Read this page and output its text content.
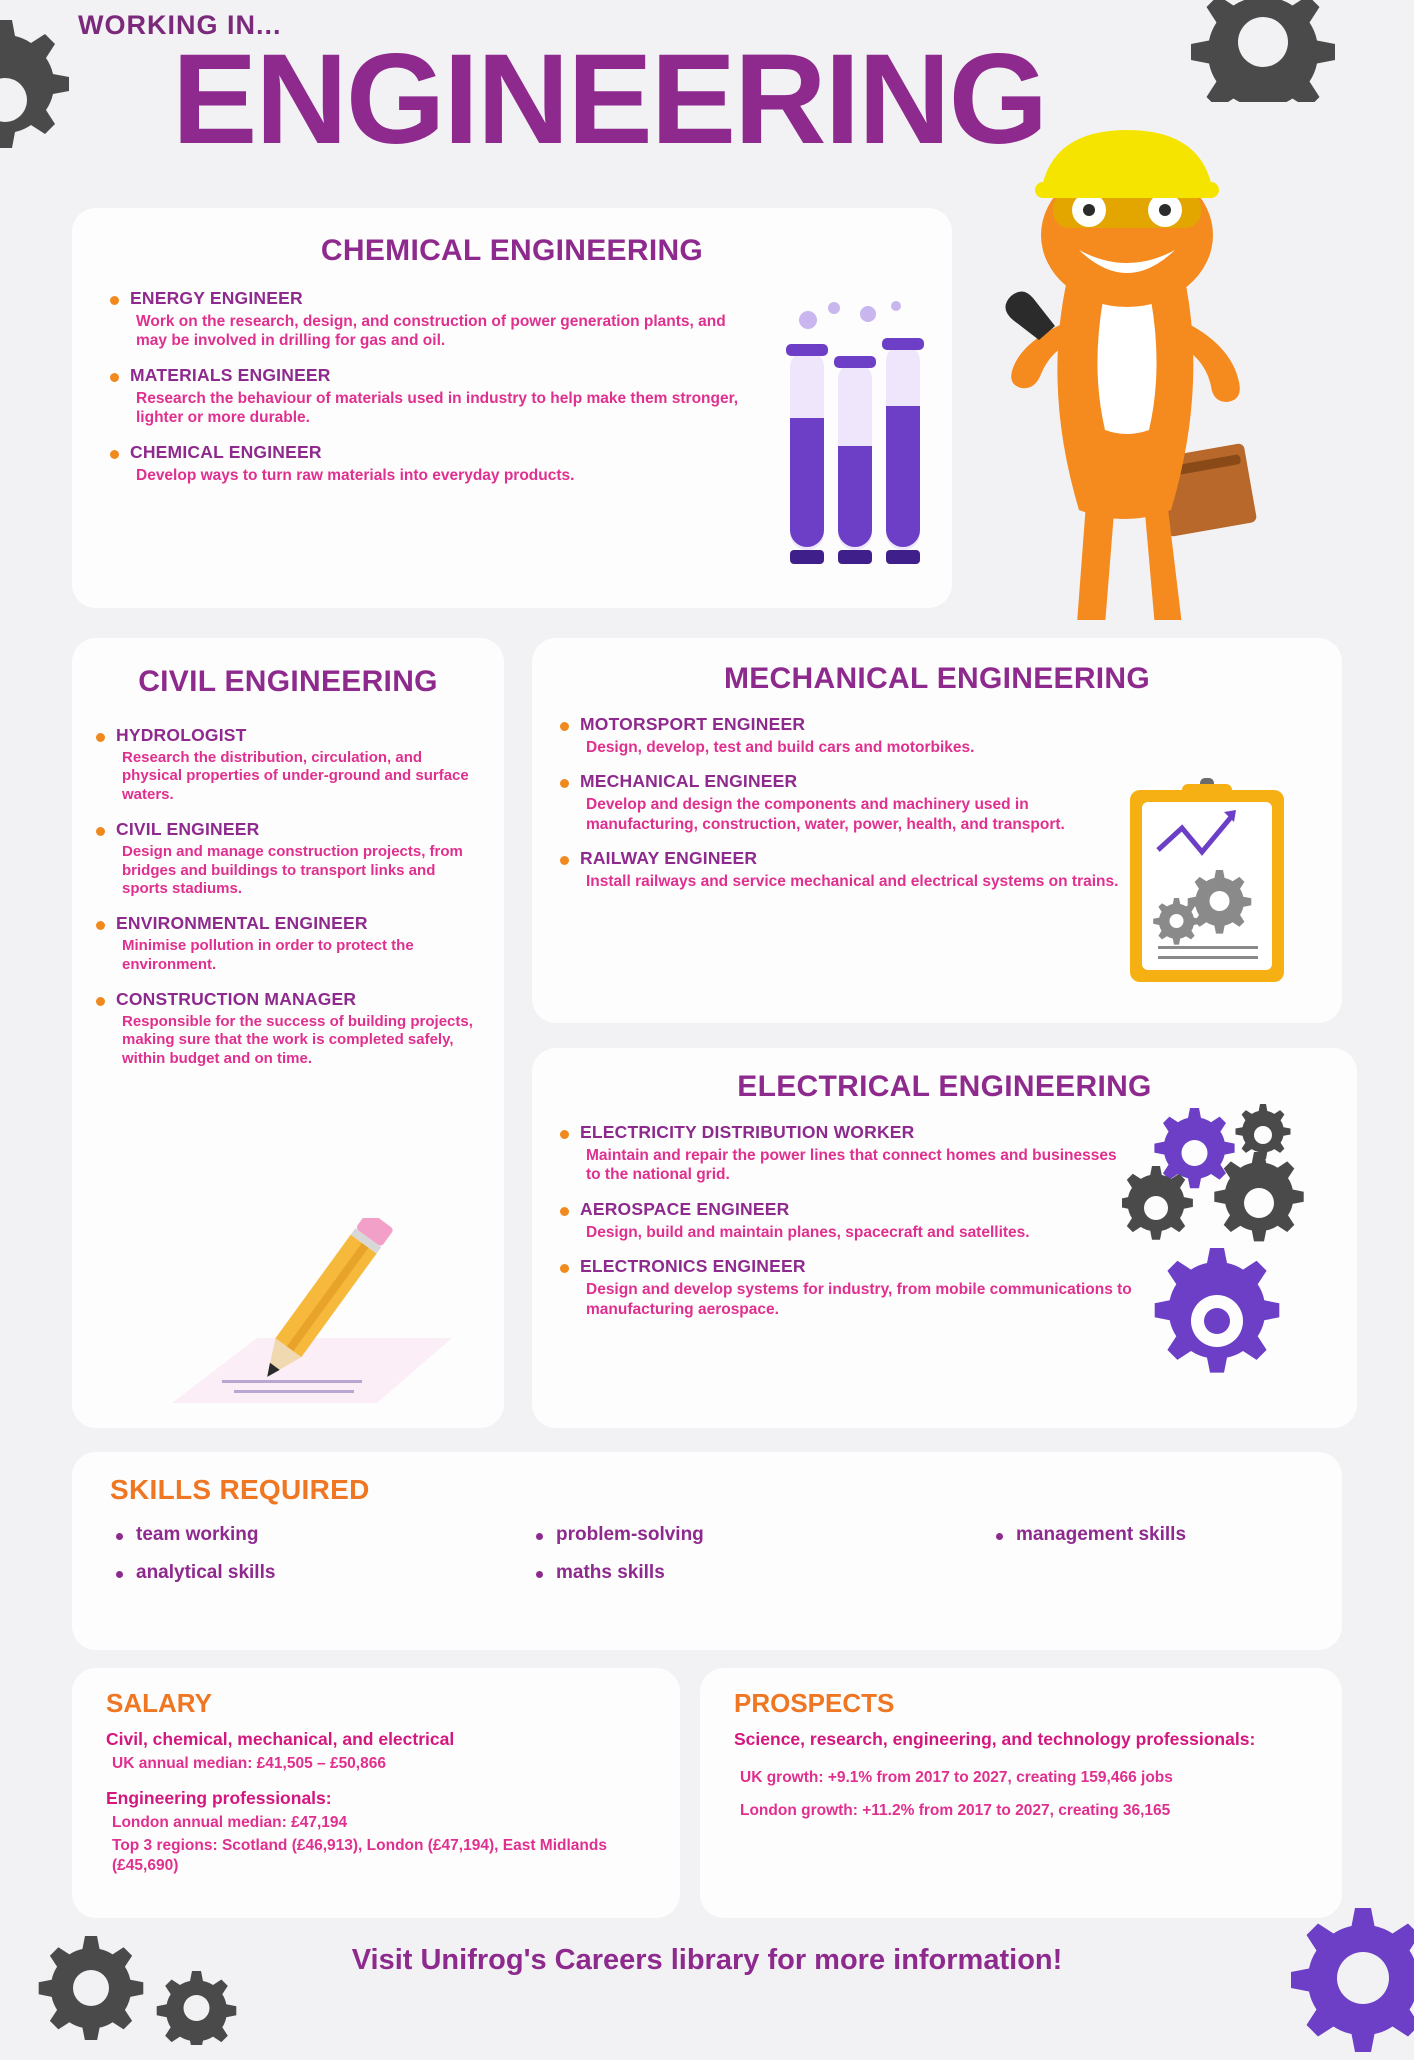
WORKING IN...
ENGINEERING
CHEMICAL ENGINEERING
ENERGY ENGINEER
Work on the research, design, and construction of power generation plants, and may be involved in drilling for gas and oil.
MATERIALS ENGINEER
Research the behaviour of materials used in industry to help make them stronger, lighter or more durable.
CHEMICAL ENGINEER
Develop ways to turn raw materials into everyday products.
CIVIL ENGINEERING
HYDROLOGIST
Research the distribution, circulation, and physical properties of under-ground and surface waters.
CIVIL ENGINEER
Design and manage construction projects, from bridges and buildings to transport links and sports stadiums.
ENVIRONMENTAL ENGINEER
Minimise pollution in order to protect the environment.
CONSTRUCTION MANAGER
Responsible for the success of building projects, making sure that the work is completed safely, within budget and on time.
MECHANICAL ENGINEERING
MOTORSPORT ENGINEER
Design, develop, test and build cars and motorbikes.
MECHANICAL ENGINEER
Develop and design the components and machinery used in manufacturing, construction, water, power, health, and transport.
RAILWAY ENGINEER
Install railways and service mechanical and electrical systems on trains.
ELECTRICAL ENGINEERING
ELECTRICITY DISTRIBUTION WORKER
Maintain and repair the power lines that connect homes and businesses to the national grid.
AEROSPACE ENGINEER
Design, build and maintain planes, spacecraft and satellites.
ELECTRONICS ENGINEER
Design and develop systems for industry, from mobile communications to manufacturing aerospace.
SKILLS REQUIRED
team working	problem-solving	management skills
analytical skills	maths skills
SALARY
Civil, chemical, mechanical, and electrical
UK annual median: £41,505 – £50,866
Engineering professionals:
London annual median: £47,194
Top 3 regions: Scotland (£46,913), London (£47,194), East Midlands (£45,690)
PROSPECTS
Science, research, engineering, and technology professionals:
UK growth: +9.1% from 2017 to 2027, creating 159,466 jobs
London growth: +11.2% from 2017 to 2027, creating 36,165
Visit Unifrog's Careers library for more information!
